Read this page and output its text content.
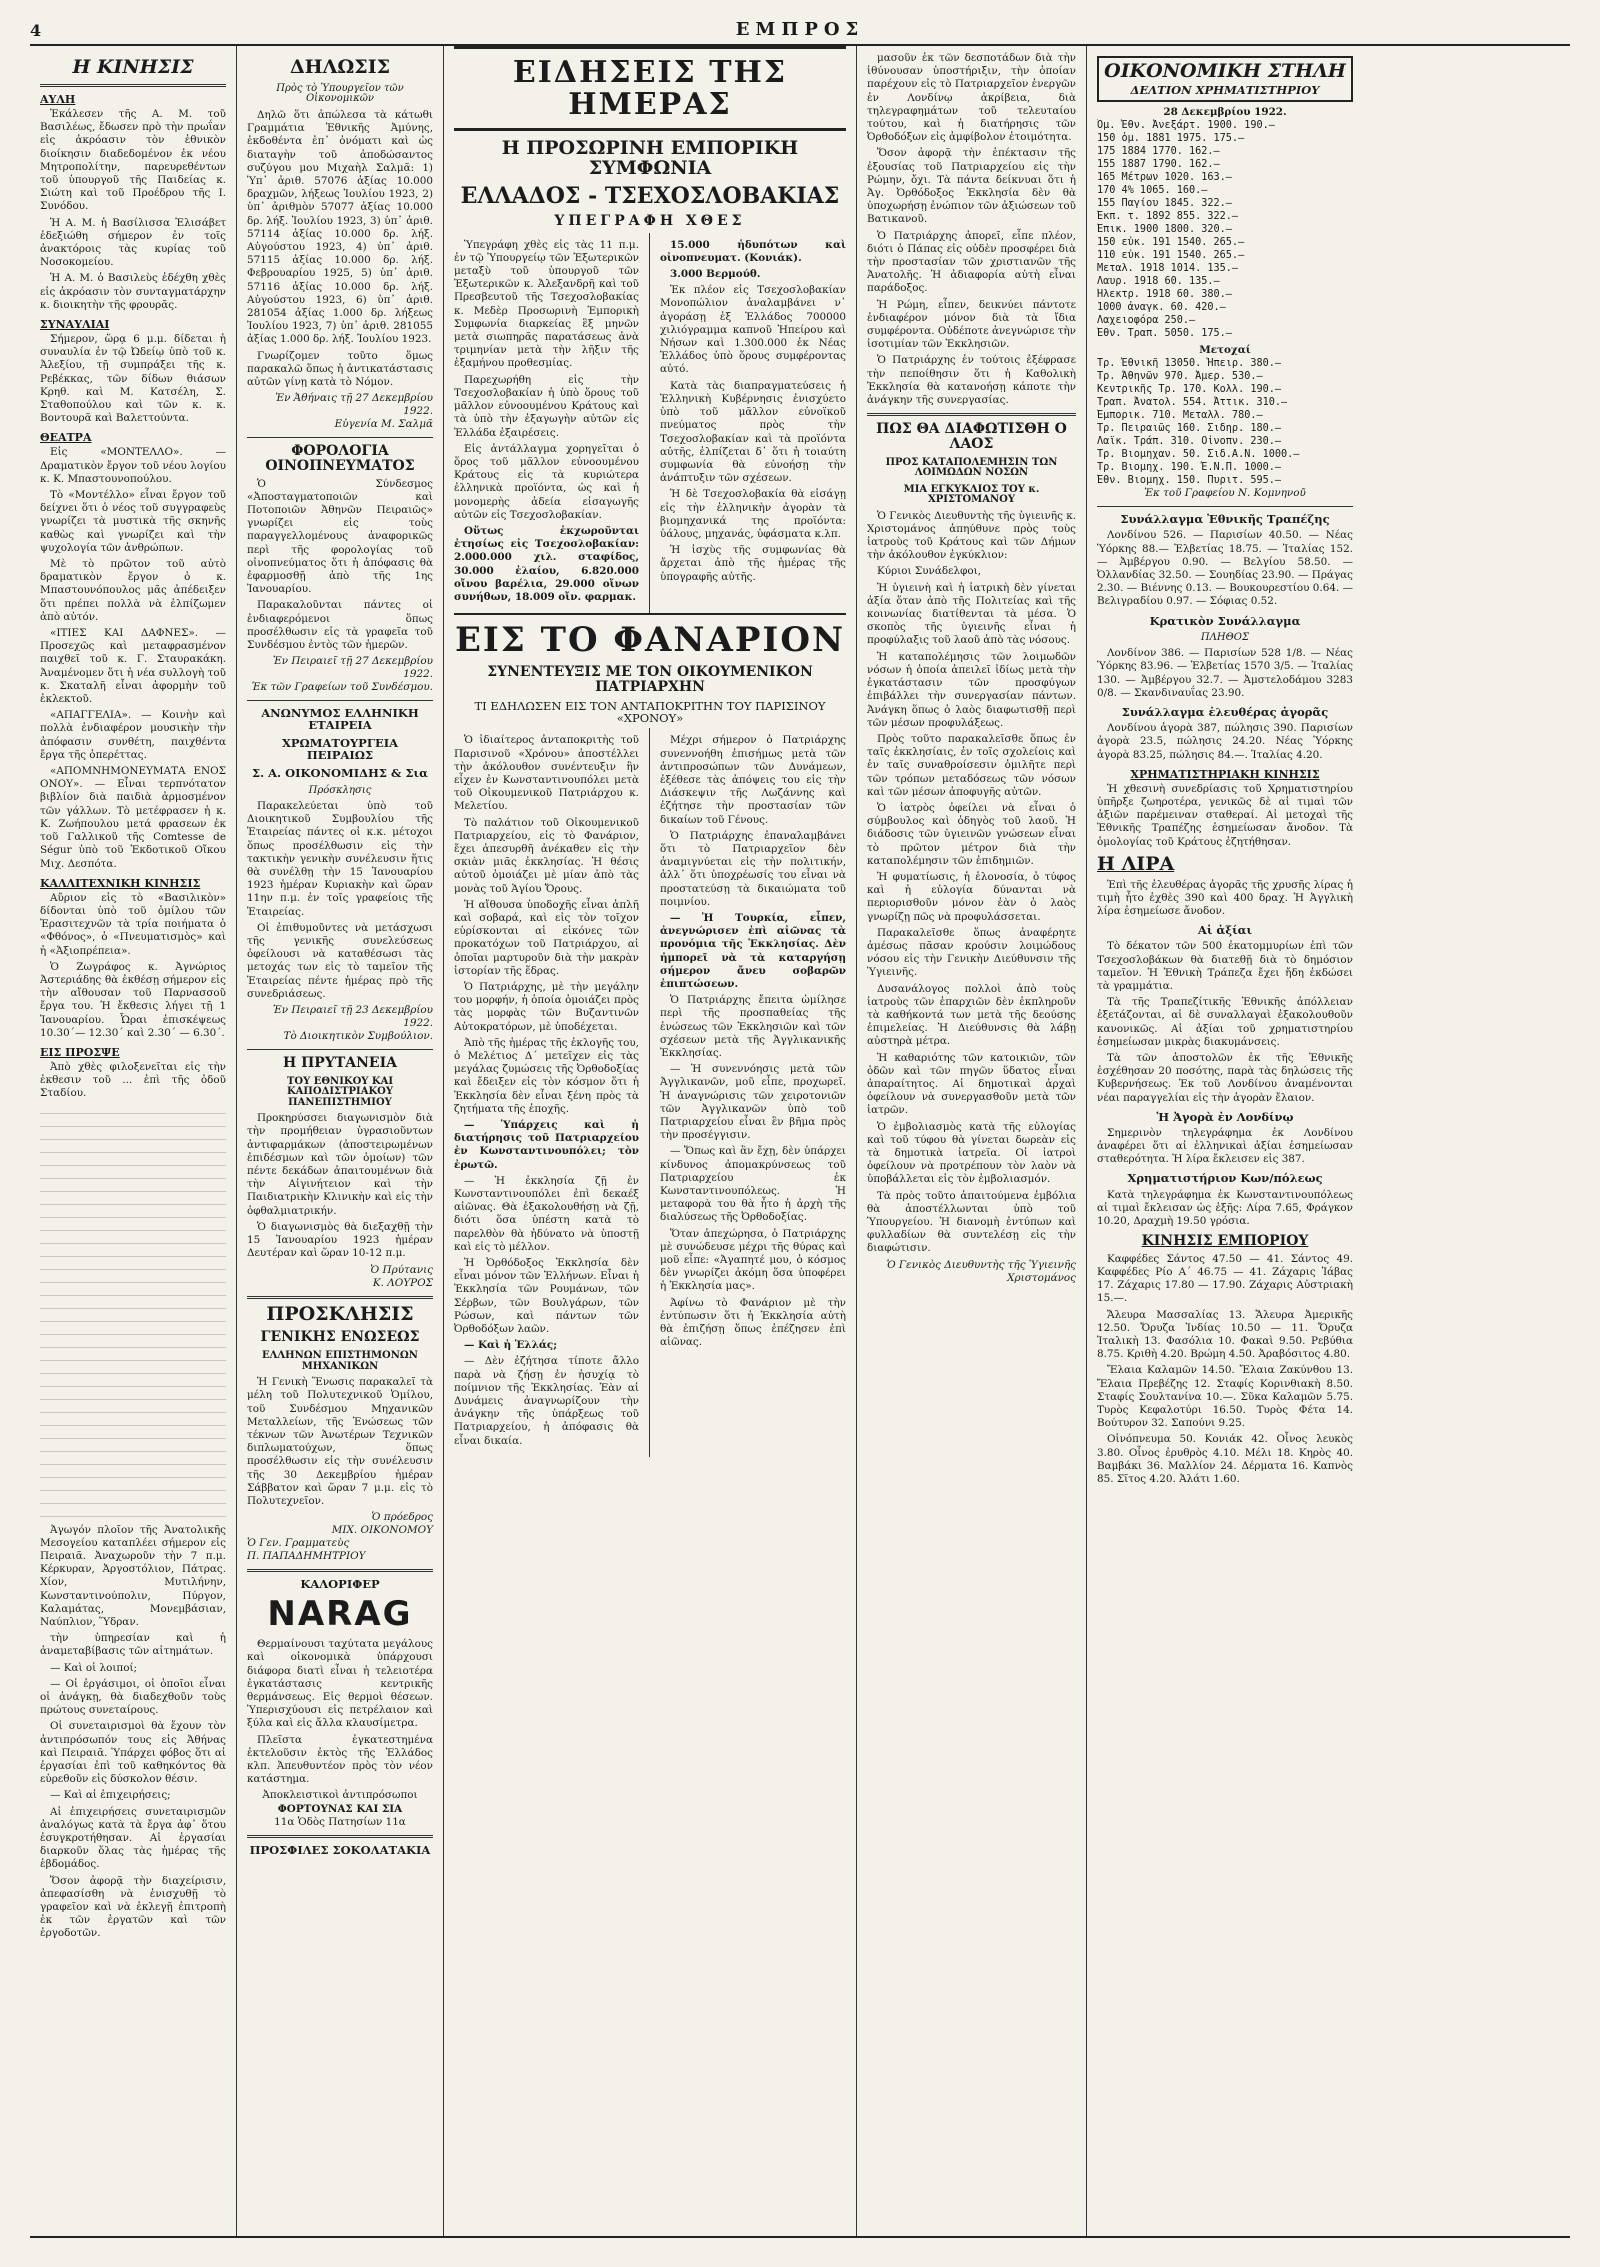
4	ΕΜΠΡΟΣ
Η ΚΙΝΗΣΙΣ
ΑΥΛΗ

Ἐκάλεσεν τῆς Α. Μ. τοῦ Βασιλέως, ἔδωσεν πρὸ τὴν πρωΐαν εἰς ἀκρόασιν τὸν ἐθνικὸν διοίκησιν διαδεδομένον ἐκ νέου Μητροπολίτην, παρευρεθέντων τοῦ ὑπουργοῦ τῆς Παιδείας κ. Σιώτη καὶ τοῦ Προέδρου τῆς Ι. Συνόδου.

Ἡ Α. Μ. ἡ Βασίλισσα Ἐλισάβετ ἐδεξιώθη σήμερον ἐν τοῖς ἀνακτόροις τὰς κυρίας τοῦ Νοσοκομείου.

Ἡ Α. Μ. ὁ Βασιλεὺς ἐδέχθη χθὲς εἰς ἀκρόασιν τὸν συνταγματάρχην κ. διοικητὴν τῆς φρουρᾶς.

ΣΥΝΑΥΛΙΑΙ

Σήμερον, ὥρᾳ 6 μ.μ. δίδεται ἡ συναυλία ἐν τῷ Ὠδείῳ ὑπὸ τοῦ κ. Ἀλεξίου, τῇ συμπράξει τῆς κ. Ρεβέκκας, τῶν δίδων θιάσων Κρηθ. καὶ Μ. Κατσέλη, Σ. Σταθοπούλου καὶ τῶν κ. κ. Βοντουρᾶ καὶ Βαλεττούντα.

ΘΕΑΤΡΑ

Εἰς «ΜΟΝΤΕΛΛΟ». — Δραματικὸν ἔργον τοῦ νέου λογίου κ. Κ. Μπαστουνοπούλου.

Τὸ «Μοντέλλο» εἶναι ἔργον τοῦ δείχνει ὅτι ὁ νέος τοῦ συγγραφεὺς γνωρίζει τὰ μυστικὰ τῆς σκηνῆς καθὼς καὶ γνωρίζει καὶ τὴν ψυχολογία τῶν ἀνθρώπων.

Μὲ τὸ πρῶτον τοῦ αὐτὸ δραματικὸν ἔργον ὁ κ. Μπαστουνόπουλος μᾶς ἀπέδειξεν ὅτι πρέπει πολλὰ νὰ ἐλπίζωμεν ἀπὸ αὐτόν.

«ΙΤΙΕΣ ΚΑΙ ΔΑΦΝΕΣ». — Προσεχῶς καὶ μεταφρασμένον παιχθεῖ τοῦ κ. Γ. Σταυρακάκη. Ἀναμένομεν ὅτι ἡ νέα συλλογὴ τοῦ κ. Σκαταλῆ εἶναι ἀφορμὴν τοῦ ἐκλεκτοῦ.

«ΑΠΑΓΓΕΛΙΑ». — Κοινὴν καὶ πολλὰ ἐνδιαφέρον μουσικὴν τὴν ἀπόφασιν συνθέτη, παιχθέντα ἔργα τῆς ὁπερέττας.

«ΑΠΟΜΝΗΜΟΝΕΥΜΑΤΑ ΕΝΟΣ ΟΝΟΥ». — Εἶναι τερπνότατον βιβλίον διὰ παιδιὰ ἀρμοσμένον τῶν γάλλων. Τὸ μετέφρασεν ἡ κ. Κ. Ζωήπουλου μετά φρασεων ἐκ τοῦ Γαλλικοῦ τῆς Comtesse de Ségur ὑπὸ τοῦ Ἐκδοτικοῦ Οἴκου Μιχ. Δεσπότα.

ΚΑΛΛΙΤΕΧΝΙΚΗ ΚΙΝΗΣΙΣ

Αὔριον εἰς τὸ «Βασιλικὸν» δίδονται ὑπὸ τοῦ ὁμίλου τῶν Ἐρασιτεχνῶν τὰ τρία ποιήματα ὁ «Φθόνος», ὁ «Πνευματισμὸς» καὶ ἡ «Ἀξιοπρέπεια».

Ὁ Ζωγράφος κ. Ἀγνώριος Ἀστεριάδης θὰ ἐκθέσῃ σήμερον εἰς τὴν αἴθουσαν τοῦ Παρνασσοῦ ἔργα του. Ἡ ἔκθεσις λήγει τῇ 1 Ἰανουαρίου. Ὧραι ἐπισκέψεως 10.30΄— 12.30΄ καὶ 2.30΄ — 6.30΄.

ΕΙΣ ΠΡΟΣΨΕ

Ἀπὸ χθὲς φιλοξενεῖται εἰς τὴν ἐκθεσιν τοῦ ... ἐπὶ τῆς ὁδοῦ Σταδίου.

Ἀγωγόν πλοῖον τῆς Ἀνατολικῆς Μεσογείου καταπλέει σήμερον εἰς Πειραιᾶ. Ἀναχωροῦν τὴν 7 π.μ. Κέρκυραν, Ἀργοστόλιον, Πάτρας. Χίον, Μυτιλήνην, Κωνσταντινούπολιν, Πύργον, Καλαμάτας, Μονεμβάσιαν, Ναύπλιον, Ὕδραν.

τὴν ὑπηρεσίαν καὶ ἡ ἀναμεταβίβασις τῶν αἰτημάτων.

— Καὶ οἱ λοιποί;

— Οἱ ἐργάσιμοι, οἱ ὁποῖοι εἶναι οἱ ἀνάγκῃ, θὰ διαδεχθοῦν τοὺς πρώτους συνεταίρους.

Οἱ συνεταιρισμοὶ θὰ ἔχουν τὸν ἀντιπρόσωπόν τους εἰς Ἀθήνας καὶ Πειραιᾶ. Ὑπάρχει φόβος ὅτι αἱ ἐργασίαι ἐπὶ τοῦ καθηκόντος θὰ εὑρεθοῦν εἰς δύσκολον θέσιν.

— Καὶ αἱ ἐπιχειρήσεις;

Αἱ ἐπιχειρήσεις συνεταιρισμῶν ἀναλόγως κατὰ τὰ ἔργα ἀφ᾽ ὅτου ἐσυγκροτήθησαν. Αἱ ἐργασίαι διαρκοῦν ὅλας τὰς ἡμέρας τῆς ἑβδομάδος.

Ὅσον ἀφορᾷ τὴν διαχείρισιν, ἀπεφασίσθη νὰ ἐνισχυθῇ τὸ γραφεῖον καὶ νὰ ἐκλεγῇ ἐπιτροπὴ ἐκ τῶν ἐργατῶν καὶ τῶν ἐργοδοτῶν.

ΔΗΛΩΣΙΣ
Πρὸς τὸ Ὑπουργεῖον τῶν Οἰκονομικῶν

Δηλῶ ὅτι ἀπώλεσα τὰ κάτωθι Γραμμάτια Ἐθνικῆς Ἀμύνης, ἐκδοθέντα ἐπ᾽ ὀνόματι καὶ ὡς διαταγὴν τοῦ ἀποδώσαντος συζύγου μου Μιχαὴλ Σαλμᾶ: 1) Ὑπ᾽ ἀριθ. 57076 ἀξίας 10.000 δραχμῶν, λήξεως Ἰουλίου 1923, 2) ὑπ᾽ ἀριθμὸν 57077 ἀξίας 10.000 δρ. λήξ. Ἰουλίου 1923, 3) ὑπ᾽ ἀριθ. 57114 ἀξίας 10.000 δρ. λήξ. Αὐγούστου 1923, 4) ὑπ᾽ ἀριθ. 57115 ἀξίας 10.000 δρ. λήξ. Φεβρουαρίου 1925, 5) ὑπ᾽ ἀριθ. 57116 ἀξίας 10.000 δρ. λήξ. Αὐγούστου 1923, 6) ὑπ᾽ ἀριθ. 281054 ἀξίας 1.000 δρ. λήξεως Ἰουλίου 1923, 7) ὑπ᾽ ἀριθ. 281055 ἀξίας 1.000 δρ. λήξ. Ἰουλίου 1923.

Γνωρίζομεν τοῦτο ὅμως παρακαλῶ ὅπως ἡ ἀντικατάστασις αὐτῶν γίνῃ κατὰ τὸ Νόμον.

Ἐν Ἀθήναις τῇ 27 Δεκεμβρίου 1922.
Εὐγενία Μ. Σαλμᾶ
ΦΟΡΟΛΟΓΙΑ ΟΙΝΟΠΝΕΥΜΑΤΟΣ

Ὁ Σύνδεσμος «Ἀποσταγματοποιῶν καὶ Ποτοποιῶν Ἀθηνῶν Πειραιῶς» γνωρίζει εἰς τοὺς παραγγελλομένους ἀναφορικῶς περὶ τῆς φορολογίας τοῦ οἰνοπνεύματος ὅτι ἡ ἀπόφασις θὰ ἐφαρμοσθῇ ἀπὸ τῆς 1ης Ἰανουαρίου.

Παρακαλοῦνται πάντες οἱ ἐνδιαφερόμενοι ὅπως προσέλθωσιν εἰς τὰ γραφεῖα τοῦ Συνδέσμου ἐντὸς τῶν ἡμερῶν.

Ἐν Πειραιεῖ τῇ 27 Δεκεμβρίου 1922.
Ἐκ τῶν Γραφείων τοῦ Συνδέσμου.
ΑΝΩΝΥΜΟΣ ΕΛΛΗΝΙΚΗ ΕΤΑΙΡΕΙΑ
ΧΡΩΜΑΤΟΥΡΓΕΙΑ ΠΕΙΡΑΙΩΣ
Σ. Α. ΟΙΚΟΝΟΜΙΔΗΣ & Σια
Πρόσκλησις

Παρακελεύεται ὑπὸ τοῦ Διοικητικοῦ Συμβουλίου τῆς Ἑταιρείας πάντες οἱ κ.κ. μέτοχοι ὅπως προσέλθωσιν εἰς τὴν τακτικὴν γενικὴν συνέλευσιν ἥτις θὰ συνέλθῃ τὴν 15 Ἰανουαρίου 1923 ἡμέραν Κυριακὴν καὶ ὥραν 11ην π.μ. ἐν τοῖς γραφείοις τῆς Ἑταιρείας.

Οἱ ἐπιθυμοῦντες νὰ μετάσχωσι τῆς γενικῆς συνελεύσεως ὀφείλουσι νὰ καταθέσωσι τὰς μετοχάς των εἰς τὸ ταμεῖον τῆς Ἑταιρείας πέντε ἡμέρας πρὸ τῆς συνεδριάσεως.

Ἐν Πειραιεῖ τῇ 23 Δεκεμβρίου 1922.
Τὸ Διοικητικὸν Συμβούλιον.
Η ΠΡΥΤΑΝΕΙΑ
ΤΟΥ ΕΘΝΙΚΟΥ ΚΑΙ ΚΑΠΟΔΙΣΤΡΙΑΚΟΥ ΠΑΝΕΠΙΣΤΗΜΙΟΥ

Προκηρύσσει διαγωνισμὸν διὰ τὴν προμήθειαν ὑγρασιοῦντων ἀντιφαρμάκων (ἀποστειρωμένων ἐπιδέσμων καὶ τῶν ὁμοίων) τῶν πέντε δεκάδων ἀπαιτουμένων διὰ τὴν Αἰγινήτειον καὶ τὴν Παιδιατρικὴν Κλινικὴν καὶ εἰς τὴν ὀφθαλμιατρικήν.

Ὁ διαγωνισμὸς θὰ διεξαχθῇ τὴν 15 Ἰανουαρίου 1923 ἡμέραν Δευτέραν καὶ ὥραν 10-12 π.μ.

Ὁ Πρύτανις
Κ. ΛΟΥΡΟΣ
ΠΡΟΣΚΛΗΣΙΣ
ΓΕΝΙΚΗΣ ΕΝΩΣΕΩΣ
ΕΛΛΗΝΩΝ ΕΠΙΣΤΗΜΟΝΩΝ ΜΗΧΑΝΙΚΩΝ

Ἡ Γενικὴ Ἕνωσις παρακαλεῖ τὰ μέλη τοῦ Πολυτεχνικοῦ Ὁμίλου, τοῦ Συνδέσμου Μηχανικῶν Μεταλλείων, τῆς Ἑνώσεως τῶν τέκνων τῶν Ἀνωτέρων Τεχνικῶν διπλωματούχων, ὅπως προσέλθωσιν εἰς τὴν συνέλευσιν τῆς 30 Δεκεμβρίου ἡμέραν Σάββατον καὶ ὥραν 7 μ.μ. εἰς τὸ Πολυτεχνεῖον.

Ὁ πρόεδρος
ΜΙΧ. ΟΙΚΟΝΟΜΟΥ
Ὁ Γεν. Γραμματεὺς
Π. ΠΑΠΑΔΗΜΗΤΡΙΟΥ
ΚΑΛΟΡΙΦΕΡ
NARAG

Θερμαίνουσι ταχύτατα μεγάλους καὶ οἰκονομικὰ ὑπάρχουσι διάφορα διατὶ εἶναι ἡ τελειοτέρα ἐγκατάστασις κεντρικῆς θερμάνσεως. Εἰς θερμοὶ θέσεων. Ὑπερισχύουσι εἰς πετρέλαιον καὶ ξύλα καὶ εἰς ἄλλα κλαυσίμετρα.

Πλεῖστα ἐγκατεστημένα ἐκτελοῦσιν ἐκτὸς τῆς Ἑλλάδος κλπ. Ἀπευθυντέον πρὸς τὸν νέον κατάστημα.

Ἀποκλειστικοὶ ἀντιπρόσωποι
ΦΟΡΤΟΥΝΑΣ ΚΑΙ ΣΙΑ
11α Ὁδὸς Πατησίων 11α
ΠΡΟΣΦΙΛΕΣ ΣΟΚΟΛΑΤΑΚΙΑ
ΕΙΔΗΣΕΙΣ ΤΗΣ ΗΜΕΡΑΣ
Η ΠΡΟΣΩΡΙΝΗ ΕΜΠΟΡΙΚΗ ΣΥΜΦΩΝΙΑ
ΕΛΛΑΔΟΣ - ΤΣΕΧΟΣΛΟΒΑΚΙΑΣ
ΥΠΕΓΡΑΦΗ ΧΘΕΣ

Ὑπεγράφη χθὲς εἰς τὰς 11 π.μ. ἐν τῷ Ὑπουργείῳ τῶν Ἐξωτερικῶν μεταξὺ τοῦ ὑπουργοῦ τῶν Ἐξωτερικῶν κ. Ἀλεξανδρῆ καὶ τοῦ Πρεσβευτοῦ τῆς Τσεχοσλοβακίας κ. Μεδὲρ Προσωρινὴ Ἐμπορικὴ Συμφωνία διαρκείας ἓξ μηνῶν μετὰ σιωπηρᾶς παρατάσεως ἀνὰ τριμηνίαν μετὰ τὴν λῆξιν τῆς ἑξαμήνου προθεσμίας.

Παρεχωρήθη εἰς τὴν Τσεχοσλοβακίαν ἡ ὑπὸ ὅρους τοῦ μᾶλλον εὐνοουμένου Κράτους καὶ τὰ ὑπὸ τὴν ἐξαγωγὴν αὐτῶν εἰς Ἑλλάδα ἐξαιρέσεις.

Εἰς ἀντάλλαγμα χορηγεῖται ὁ ὅρος τοῦ μᾶλλον εὐνοουμένου Κράτους εἰς τὰ κυριώτερα ἐλληνικὰ προϊόντα, ὡς καὶ ἡ μονομερὴς ἀδεία εἰσαγωγῆς αὐτῶν εἰς Τσεχοσλοβακίαν.

Οὕτως ἐκχωροῦνται ἐτησίως εἰς Τσεχοσλοβακίαν: 2.000.000 χιλ. σταφίδος, 30.000 ἐλαίου, 6.820.000 οἴνου βαρέλια, 29.000 οἴνων συνήθων, 18.009 οἴν. φαρμακ.

15.000 ἡδυπότων καὶ οἰνοπνευματ. (Κονιάκ).

3.000 Βερμούθ.

Ἐκ πλέον εἰς Τσεχοσλοβακίαν Μονοπώλιον ἀναλαμβάνει ν᾽ ἀγοράσῃ ἐξ Ἑλλάδος 700000 χιλιόγραμμα καπνοῦ Ἠπείρου καὶ Νήσων καὶ 1.300.000 ἐκ Νέας Ἑλλάδος ὑπὸ ὅρους συμφέροντας αὐτό.

Κατὰ τὰς διαπραγματεύσεις ἡ Ἑλληνικὴ Κυβέρνησις ἐνισχύετο ὑπὸ τοῦ μᾶλλον εὐνοϊκοῦ πνεύματος πρὸς τὴν Τσεχοσλοβακίαν καὶ τὰ προϊόντα αὐτῆς, ἐλπίζεται δ᾽ ὅτι ἡ τοιαύτη συμφωνία θὰ εὐνοήσῃ τὴν ἀνάπτυξιν τῶν σχέσεων.

Ἡ δὲ Τσεχοσλοβακία θὰ εἰσάγῃ εἰς τὴν ἑλληνικὴν ἀγορὰν τὰ βιομηχανικά της προϊόντα: ὑάλους, μηχανάς, ὑφάσματα κ.λπ.

Ἡ ἰσχὺς τῆς συμφωνίας θὰ ἄρχεται ἀπὸ τῆς ἡμέρας τῆς ὑπογραφῆς αὐτῆς.

ΕΙΣ ΤΟ ΦΑΝΑΡΙΟΝ
ΣΥΝΕΝΤΕΥΞΙΣ ΜΕ ΤΟΝ ΟΙΚΟΥΜΕΝΙΚΟΝ ΠΑΤΡΙΑΡΧΗΝ
ΤΙ ΕΔΗΛΩΣΕΝ ΕΙΣ ΤΟΝ ΑΝΤΑΠΟΚΡΙΤΗΝ ΤΟΥ ΠΑΡΙΣΙΝΟΥ «ΧΡΟΝΟΥ»

Ὁ ἰδιαίτερος ἀνταποκριτὴς τοῦ Παρισινοῦ «Χρόνου» ἀποστέλλει τὴν ἀκόλουθον συνέντευξιν ἣν εἶχεν ἐν Κωνσταντινουπόλει μετὰ τοῦ Οἰκουμενικοῦ Πατριάρχου κ. Μελετίου.

Τὸ παλάτιον τοῦ Οἰκουμενικοῦ Πατριαρχείου, εἰς τὸ Φανάριον, ἔχει ἀπεσυρθῆ ἀνέκαθεν εἰς τὴν σκιὰν μιᾶς ἐκκλησίας. Ἡ θέσις αὐτοῦ ὁμοιάζει μὲ μίαν ἀπὸ τὰς μονὰς τοῦ Ἁγίου Ὄρους.

Ἡ αἴθουσα ὑποδοχῆς εἶναι ἁπλῆ καὶ σοβαρά, καὶ εἰς τὸν τοῖχον εὑρίσκονται αἱ εἰκόνες τῶν προκατόχων τοῦ Πατριάρχου, αἱ ὁποῖαι μαρτυροῦν διὰ τὴν μακρὰν ἱστορίαν τῆς ἕδρας.

Ὁ Πατριάρχης, μὲ τὴν μεγάλην του μορφήν, ἡ ὁποία ὁμοιάζει πρὸς τὰς μορφὰς τῶν Βυζαντινῶν Αὐτοκρατόρων, μὲ ὑποδέχεται.

Ἀπὸ τῆς ἡμέρας τῆς ἐκλογῆς του, ὁ Μελέτιος Δ΄ μετεῖχεν εἰς τὰς μεγάλας ζυμώσεις τῆς Ὀρθοδοξίας καὶ ἔδειξεν εἰς τὸν κόσμον ὅτι ἡ Ἐκκλησία δὲν εἶναι ξένη πρὸς τὰ ζητήματα τῆς ἐποχῆς.

— Ὑπάρχεις καὶ ἡ διατήρησις τοῦ Πατριαρχείου ἐν Κωνσταντινουπόλει; τὸν ἐρωτῶ.

— Ἡ ἐκκλησία ζῇ ἐν Κωνσταντινουπόλει ἐπὶ δεκαέξ αἰῶνας. Θὰ ἐξακολουθήσῃ νὰ ζῇ, διότι ὅσα ὑπέστη κατὰ τὸ παρελθὸν θὰ ἠδύνατο νὰ ὑποστῇ καὶ εἰς τὸ μέλλον.

Ἡ Ὀρθόδοξος Ἐκκλησία δὲν εἶναι μόνον τῶν Ἑλλήνων. Εἶναι ἡ Ἐκκλησία τῶν Ρουμάνων, τῶν Σέρβων, τῶν Βουλγάρων, τῶν Ρώσων, καὶ πάντων τῶν Ὀρθοδόξων λαῶν.

— Καὶ ἡ Ἑλλάς;

— Δὲν ἐζήτησα τίποτε ἄλλο παρὰ νὰ ζήσῃ ἐν ἡσυχίᾳ τὸ ποίμνιον τῆς Ἐκκλησίας. Ἐὰν αἱ Δυνάμεις ἀναγνωρίζουν τὴν ἀνάγκην τῆς ὑπάρξεως τοῦ Πατριαρχείου, ἡ ἀπόφασις θὰ εἶναι δικαία.

Μέχρι σήμερον ὁ Πατριάρχης συνεννοήθη ἐπισήμως μετὰ τῶν ἀντιπροσώπων τῶν Δυνάμεων, ἐξέθεσε τὰς ἀπόψεις του εἰς τὴν Διάσκεψιν τῆς Λωζάννης καὶ ἐζήτησε τὴν προστασίαν τῶν δικαίων τοῦ Γένους.

Ὁ Πατριάρχης ἐπαναλαμβάνει ὅτι τὸ Πατριαρχεῖον δὲν ἀναμιγνύεται εἰς τὴν πολιτικήν, ἀλλ᾽ ὅτι ὑποχρέωσίς του εἶναι νὰ προστατεύσῃ τὰ δικαιώματα τοῦ ποιμνίου.

— Ἡ Τουρκία, εἶπεν, ἀνεγνώρισεν ἐπὶ αἰῶνας τὰ προνόμια τῆς Ἐκκλησίας. Δὲν ἠμπορεῖ νὰ τὰ καταργήσῃ σήμερον ἄνευ σοβαρῶν ἐπιπτώσεων.

Ὁ Πατριάρχης ἔπειτα ὡμίλησε περὶ τῆς προσπαθείας τῆς ἑνώσεως τῶν Ἐκκλησιῶν καὶ τῶν σχέσεων μετὰ τῆς Ἀγγλικανικῆς Ἐκκλησίας.

— Ἡ συνεννόησις μετὰ τῶν Ἀγγλικανῶν, μοῦ εἶπε, προχωρεῖ. Ἡ ἀναγνώρισις τῶν χειροτονιῶν τῶν Ἀγγλικανῶν ὑπὸ τοῦ Πατριαρχείου εἶναι ἓν βῆμα πρὸς τὴν προσέγγισιν.

— Ὅπως καὶ ἂν ἔχῃ, δὲν ὑπάρχει κίνδυνος ἀπομακρύνσεως τοῦ Πατριαρχείου ἐκ Κωνσταντινουπόλεως. Ἡ μεταφορὰ του θὰ ἦτο ἡ ἀρχὴ τῆς διαλύσεως τῆς Ὀρθοδοξίας.

Ὅταν ἀπεχώρησα, ὁ Πατριάρχης μὲ συνώδευσε μέχρι τῆς θύρας καὶ μοῦ εἶπε: «Ἀγαπητέ μου, ὁ κόσμος δὲν γνωρίζει ἀκόμη ὅσα ὑποφέρει ἡ Ἐκκλησία μας».

Ἀφίνω τὸ Φανάριον μὲ τὴν ἐντύπωσιν ὅτι ἡ Ἐκκλησία αὐτὴ θὰ ἐπιζήσῃ ὅπως ἐπέζησεν ἐπὶ αἰῶνας.

μασοῦν ἐκ τῶν δεσποτάδων διὰ τὴν ἰθύνουσαν ὑποστήριξιν, τὴν ὁποίαν παρέχουν εἰς τὸ Πατριαρχεῖον ἐνεργῶν ἐν Λονδίνῳ ἀκρίβεια, διὰ τηλεγραφημάτων τοῦ τελευταίου τούτου, καὶ ἡ διατήρησις τῶν Ὀρθοδόξων εἰς ἀμφίβολον ἐτοιμότητα.

Ὅσον ἀφορᾷ τὴν ἐπέκτασιν τῆς ἐξουσίας τοῦ Πατριαρχείου εἰς τὴν Ρώμην, ὄχι. Τὰ πάντα δείκνυαι ὅτι ἡ Ἀγ. Ὀρθόδοξος Ἐκκλησία δὲν θὰ ὑποχωρήσῃ ἐνώπιον τῶν ἀξιώσεων τοῦ Βατικανοῦ.

Ὁ Πατριάρχης ἀπορεῖ, εἶπε πλέον, διότι ὁ Πάπας εἰς οὐδὲν προσφέρει διὰ τὴν προστασίαν τῶν χριστιανῶν τῆς Ἀνατολῆς. Ἡ ἀδιαφορία αὐτὴ εἶναι παράδοξος.

Ἡ Ρώμη, εἶπεν, δεικνύει πάντοτε ἐνδιαφέρον μόνον διὰ τὰ ἴδια συμφέροντα. Οὐδέποτε ἀνεγνώρισε τὴν ἰσοτιμίαν τῶν Ἐκκλησιῶν.

Ὁ Πατριάρχης ἐν τούτοις ἐξέφρασε τὴν πεποίθησιν ὅτι ἡ Καθολικὴ Ἐκκλησία θὰ κατανοήσῃ κάποτε τὴν ἀνάγκην τῆς συνεργασίας.

ΠΩΣ ΘΑ ΔΙΑΦΩΤΙΣΘΗ Ο ΛΑΟΣ
ΠΡΟΣ ΚΑΤΑΠΟΛΕΜΗΣΙΝ ΤΩΝ ΛΟΙΜΩΔΩΝ ΝΟΣΩΝ
ΜΙΑ ΕΓΚΥΚΛΙΟΣ ΤΟΥ κ. ΧΡΙΣΤΟΜΑΝΟΥ

Ὁ Γενικὸς Διευθυντὴς τῆς ὑγιεινῆς κ. Χριστομάνος ἀπηύθυνε πρὸς τοὺς ἰατροὺς τοῦ Κράτους καὶ τῶν Δήμων τὴν ἀκόλουθον ἐγκύκλιον:

Κύριοι Συνάδελφοι,

Ἡ ὑγιεινὴ καὶ ἡ ἰατρικὴ δὲν γίνεται ἀξία ὅταν ἀπὸ τῆς Πολιτείας καὶ τῆς κοινωνίας διατίθενται τὰ μέσα. Ὁ σκοπὸς τῆς ὑγιεινῆς εἶναι ἡ προφύλαξις τοῦ λαοῦ ἀπὸ τὰς νόσους.

Ἡ καταπολέμησις τῶν λοιμωδῶν νόσων ἡ ὁποία ἀπειλεῖ ἰδίως μετὰ τὴν ἐγκατάστασιν τῶν προσφύγων ἐπιβάλλει τὴν συνεργασίαν πάντων. Ἀνάγκη ὅπως ὁ λαὸς διαφωτισθῇ περὶ τῶν μέσων προφυλάξεως.

Πρὸς τοῦτο παρακαλεῖσθε ὅπως ἐν ταῖς ἐκκλησίαις, ἐν τοῖς σχολείοις καὶ ἐν ταῖς συναθροίσεσιν ὁμιλῆτε περὶ τῶν τρόπων μεταδόσεως τῶν νόσων καὶ τῶν μέσων ἀποφυγῆς αὐτῶν.

Ὁ ἰατρὸς ὀφείλει νὰ εἶναι ὁ σύμβουλος καὶ ὁδηγὸς τοῦ λαοῦ. Ἡ διάδοσις τῶν ὑγιεινῶν γνώσεων εἶναι τὸ πρῶτον μέτρον διὰ τὴν καταπολέμησιν τῶν ἐπιδημιῶν.

Ἡ φυματίωσις, ἡ ἑλονοσία, ὁ τύφος καὶ ἡ εὐλογία δύνανται νὰ περιορισθοῦν μόνον ἐὰν ὁ λαὸς γνωρίζῃ πῶς νὰ προφυλάσσεται.

Παρακαλεῖσθε ὅπως ἀναφέρητε ἀμέσως πᾶσαν κρούσιν λοιμώδους νόσου εἰς τὴν Γενικὴν Διεύθυνσιν τῆς Ὑγιεινῆς.

Δυσανάλογος πολλοὶ ἀπὸ τοὺς ἰατροὺς τῶν ἐπαρχιῶν δὲν ἐκπληροῦν τὰ καθήκοντά των μετὰ τῆς δεούσης ἐπιμελείας. Ἡ Διεύθυνσις θὰ λάβῃ αὐστηρὰ μέτρα.

Ἡ καθαριότης τῶν κατοικιῶν, τῶν ὁδῶν καὶ τῶν πηγῶν ὕδατος εἶναι ἀπαραίτητος. Αἱ δημοτικαὶ ἀρχαὶ ὀφείλουν νὰ συνεργασθοῦν μετὰ τῶν ἰατρῶν.

Ὁ ἐμβολιασμὸς κατὰ τῆς εὐλογίας καὶ τοῦ τύφου θὰ γίνεται δωρεὰν εἰς τὰ δημοτικὰ ἰατρεῖα. Οἱ ἰατροὶ ὀφείλουν νὰ προτρέπουν τὸν λαὸν νὰ ὑποβάλλεται εἰς τὸν ἐμβολιασμόν.

Τὰ πρὸς τοῦτο ἀπαιτούμενα ἐμβόλια θὰ ἀποστέλλωνται ὑπὸ τοῦ Ὑπουργείου. Ἡ διανομὴ ἐντύπων καὶ φυλλαδίων θὰ συντελέσῃ εἰς τὴν διαφώτισιν.

Ὁ Γενικὸς Διευθυντὴς τῆς Ὑγιεινῆς
Χριστομάνος
ΟΙΚΟΝΟΜΙΚΗ ΣΤΗΛΗ
ΔΕΛΤΙΟΝ ΧΡΗΜΑΤΙΣΤΗΡΙΟΥ
28 Δεκεμβρίου 1922.
Ὁμ. Ἐθν. Ἀνεξάρτ. 1900. 190.—
150 ὁμ. 1881 1975. 175.—
175 1884 1770. 162.—
155 1887 1790. 162.—
165 Μέτρων 1020. 163.—
170 4% 1065. 160.—
155 Παγίου 1845. 322.—
Ἐκπ. τ. 1892 855. 322.—
Ἐπικ. 1900 1800. 320.—
150 εὐκ. 191 1540. 265.—
110 εὐκ. 191 1540. 265.—
Μεταλ. 1918 1014. 135.—
Λαυρ. 1918 60. 135.—
Ἡλεκτρ. 1918 60. 380.—
1000 ἀναγκ. 60. 420.—
Λαχειοφόρα 250.—
Ἐθν. Τραπ. 5050. 175.—
Μετοχαί
Τρ. Ἐθνικῆ 13050. Ἡπειρ. 380.—
Τρ. Ἀθηνῶν 970. Ἀμερ. 530.—
Κεντρικῆς Τρ. 170. Κολλ. 190.—
Τραπ. Ἀνατολ. 554. Ἀττικ. 310.—
Ἐμπορικ. 710. Μεταλλ. 780.—
Τρ. Πειραιῶς 160. Σιδηρ. 180.—
Λαϊκ. Τράπ. 310. Οἰνοπν. 230.—
Τρ. Βιομηχαν. 50. Σιδ.Α.Ν. 1000.—
Τρ. Βιομηχ. 190. Ἐ.Ν.Π. 1000.—
Ἐθν. Βιομηχ. 150. Πυριτ. 595.—
Ἐκ τοῦ Γραφείου Ν. Κομνηνοῦ
Συνάλλαγμα Ἐθνικῆς Τραπέζης

Λονδίνου 526. — Παρισίων 40.50. — Νέας Ὑόρκης 88.— Ἑλβετίας 18.75. — Ἰταλίας 152. — Ἀμβέργου 0.90. — Βελγίου 58.50. — Ὀλλανδίας 32.50. — Σουηδίας 23.90. — Πράγας 2.30. — Βιέννης 0.13. — Βουκουρεστίου 0.64. — Βελιγραδίου 0.97. — Σόφιας 0.52.

Κρατικὸν Συνάλλαγμα
ΠΛΗΘΟΣ

Λονδίνον 386. — Παρισίων 528 1/8. — Νέας Ὑόρκης 83.96. — Ἑλβετίας 1570 3/5. — Ἰταλίας 130. — Ἀμβέργου 32.7. — Ἀμστελοδάμου 3283 0/8. — Σκανδιναυΐας 23.90.

Συνάλλαγμα ἐλευθέρας ἀγορᾶς

Λονδίνου ἀγορὰ 387, πώλησις 390. Παρισίων ἀγορὰ 23.5, πώλησις 24.20. Νέας Ὑόρκης ἀγορὰ 83.25, πώλησις 84.—. Ἰταλίας 4.20.

ΧΡΗΜΑΤΙΣΤΗΡΙΑΚΗ ΚΙΝΗΣΙΣ

Ἡ χθεσινὴ συνεδρίασις τοῦ Χρηματιστηρίου ὑπῆρξε ζωηροτέρα, γενικῶς δὲ αἱ τιμαὶ τῶν ἀξιῶν παρέμειναν σταθεραί. Αἱ μετοχαὶ τῆς Ἐθνικῆς Τραπέζης ἐσημείωσαν ἄνοδον. Τὰ ὁμολογίας τοῦ Κράτους ἐζητήθησαν.

Η ΛΙΡΑ

Ἐπὶ τῆς ἐλευθέρας ἀγορᾶς τῆς χρυσῆς λίρας ἡ τιμὴ ἦτο ἐχθὲς 390 καὶ 400 δραχ. Ἡ Ἀγγλικὴ λίρα ἐσημείωσε ἄνοδον.

Αἱ ἀξίαι

Τὸ δέκατον τῶν 500 ἐκατομμυρίων ἐπὶ τῶν Τσεχοσλοβάκων θὰ διατεθῇ διὰ τὸ δημόσιον ταμεῖον. Ἡ Ἐθνικὴ Τράπεζα ἔχει ἤδη ἐκδώσει τὰ γραμμάτια.

Τὰ τῆς Τραπεζίτικῆς Ἐθνικῆς ἀπόλλειαν ἐξετάζονται, αἱ δὲ συναλλαγαὶ ἐξακολουθοῦν κανονικῶς. Αἱ ἀξίαι τοῦ χρηματιστηρίου ἐσημείωσαν μικρὰς διακυμάνσεις.

Τὰ τῶν ἀποστολῶν ἐκ τῆς Ἐθνικῆς ἐσχέθησαν 20 ποσότης, παρὰ τὰς δηλώσεις τῆς Κυβερνήσεως. Ἐκ τοῦ Λονδίνου ἀναμένονται νέαι παραγγελίαι εἰς τὴν ἀγορὰν ἔλαιον.

Ἡ Ἀγορὰ ἐν Λονδίνῳ

Σημερινὸν τηλεγράφημα ἐκ Λονδίνου ἀναφέρει ὅτι αἱ ἑλληνικαὶ ἀξίαι ἐσημείωσαν σταθερότητα. Ἡ λίρα ἔκλεισεν εἰς 387.

Χρηματιστήριον Κων/πόλεως

Κατὰ τηλεγράφημα ἐκ Κωνσταντινουπόλεως αἱ τιμαὶ ἔκλεισαν ὡς ἑξῆς: Λίρα 7.65, Φράγκον 10.20, Δραχμὴ 19.50 γρόσια.

ΚΙΝΗΣΙΣ ΕΜΠΟΡΙΟΥ

Καφφέδες Σάντος 47.50 — 41. Σάντος 49. Καφφέδες Ρίο Α΄ 46.75 — 41. Ζάχαρις Ἰάβας 17. Ζάχαρις 17.80 — 17.90. Ζάχαρις Αὐστριακὴ 15.—.

Ἄλευρα Μασσαλίας 13. Ἄλευρα Ἀμερικῆς 12.50. Ὄρυζα Ἰνδίας 10.50 — 11. Ὄρυζα Ἰταλικὴ 13. Φασόλια 10. Φακαὶ 9.50. Ρεβύθια 8.75. Κριθὴ 4.20. Βρώμη 4.50. Ἀραβόσιτος 4.80.

Ἔλαια Καλαμῶν 14.50. Ἔλαια Ζακύνθου 13. Ἔλαια Πρεβέζης 12. Σταφίς Κορινθιακὴ 8.50. Σταφίς Σουλτανίνα 10.—. Σῦκα Καλαμῶν 5.75. Τυρὸς Κεφαλοτύρι 16.50. Τυρὸς Φέτα 14. Βούτυρον 32. Σαπούνι 9.25.

Οἰνόπνευμα 50. Κονιάκ 42. Οἶνος λευκὸς 3.80. Οἶνος ἐρυθρὸς 4.10. Μέλι 18. Κηρὸς 40. Βαμβάκι 36. Μαλλίον 24. Δέρματα 16. Καπνὸς 85. Σῖτος 4.20. Ἀλάτι 1.60.
